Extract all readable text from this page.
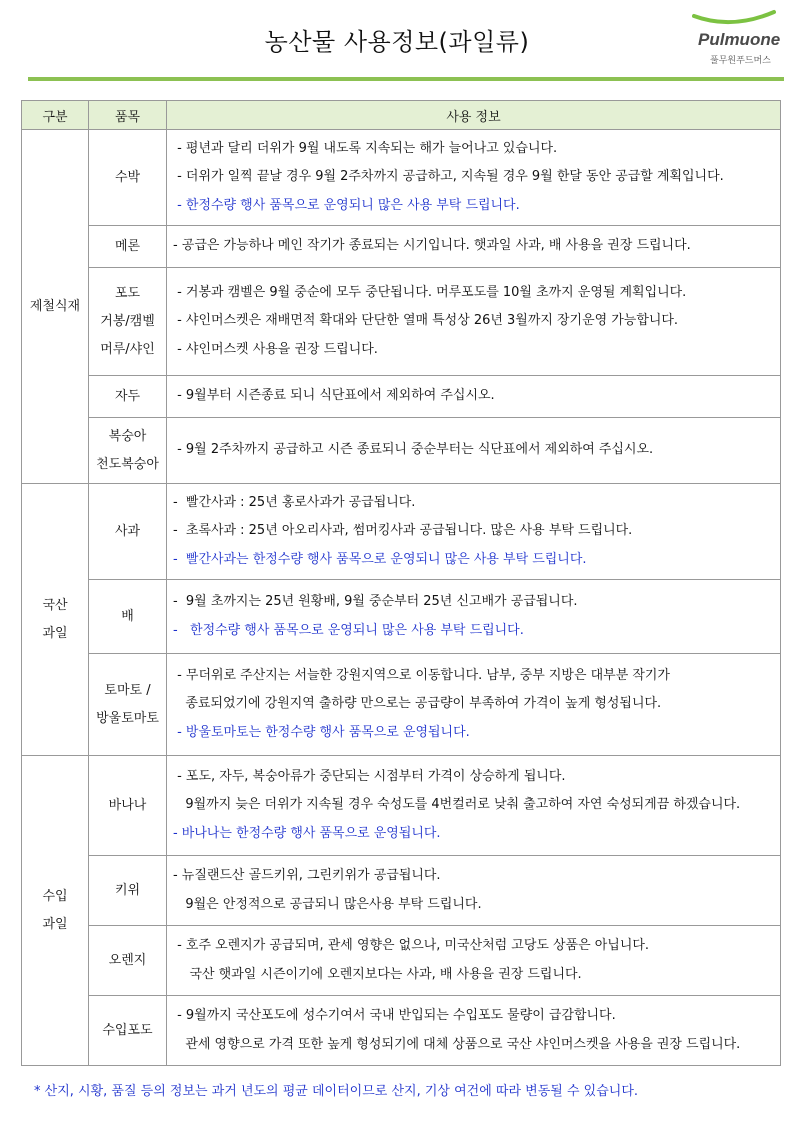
농산물 사용정보(과일류)	Pulmuone
풀무원푸드머스
구분	품목	사용 정보
제철식재	수박	- 평년과 달리 더위가 9월 내도록 지속되는 해가 늘어나고 있습니다.
- 더위가 일찍 끝날 경우 9월 2주차까지 공급하고, 지속될 경우 9월 한달 동안 공급할 계획입니다.
- 한정수량 행사 품목으로 운영되니 많은 사용 부탁 드립니다.

	메론	- 공급은 가능하나 메인 작기가 종료되는 시기입니다. 햇과일 사과, 배 사용을 권장 드립니다.

	포도
거봉/캠벨
머루/샤인	- 거봉과 캠벨은 9월 중순에 모두 중단됩니다. 머루포도를 10월 초까지 운영될 계획입니다.
- 샤인머스켓은 재배면적 확대와 단단한 열매 특성상 26년 3월까지 장기운영 가능합니다.
- 샤인머스켓 사용을 권장 드립니다.

	자두	- 9월부터 시즌종료 되니 식단표에서 제외하여 주십시오.

	복숭아
천도복숭아	- 9월 2주차까지 공급하고 시즌 종료되니 중순부터는 식단표에서 제외하여 주십시오.

국산
과일	사과	-  빨간사과 : 25년 홍로사과가 공급됩니다.
-  초록사과 : 25년 아오리사과, 썸머킹사과 공급됩니다. 많은 사용 부탁 드립니다.
-  빨간사과는 한정수량 행사 품목으로 운영되니 많은 사용 부탁 드립니다.

	배	-  9월 초까지는 25년 원황배, 9월 중순부터 25년 신고배가 공급됩니다.
-   한정수량 행사 품목으로 운영되니 많은 사용 부탁 드립니다.

	토마토 /
방울토마토	- 무더위로 주산지는 서늘한 강원지역으로 이동합니다. 남부, 중부 지방은 대부분 작기가
종료되었기에 강원지역 출하량 만으로는 공급량이 부족하여 가격이 높게 형성됩니다.
- 방울토마토는 한정수량 행사 품목으로 운영됩니다.

수입
과일	바나나	- 포도, 자두, 복숭아류가 중단되는 시점부터 가격이 상승하게 됩니다.
9월까지 늦은 더위가 지속될 경우 숙성도를 4번컬러로 낮춰 출고하여 자연 숙성되게끔 하겠습니다.
- 바나나는 한정수량 행사 품목으로 운영됩니다.

	키위	- 뉴질랜드산 골드키위, 그린키위가 공급됩니다.
9월은 안정적으로 공급되니 많은사용 부탁 드립니다.

	오렌지	- 호주 오렌지가 공급되며, 관세 영향은 없으나, 미국산처럼 고당도 상품은 아닙니다.
국산 햇과일 시즌이기에 오렌지보다는 사과, 배 사용을 권장 드립니다.

	수입포도	- 9월까지 국산포도에 성수기여서 국내 반입되는 수입포도 물량이 급감합니다.
관세 영향으로 가격 또한 높게 형성되기에 대체 상품으로 국산 샤인머스켓을 사용을 권장 드립니다.
* 산지, 시황, 품질 등의 정보는 과거 년도의 평균 데이터이므로 산지, 기상 여건에 따라 변동될 수 있습니다.
